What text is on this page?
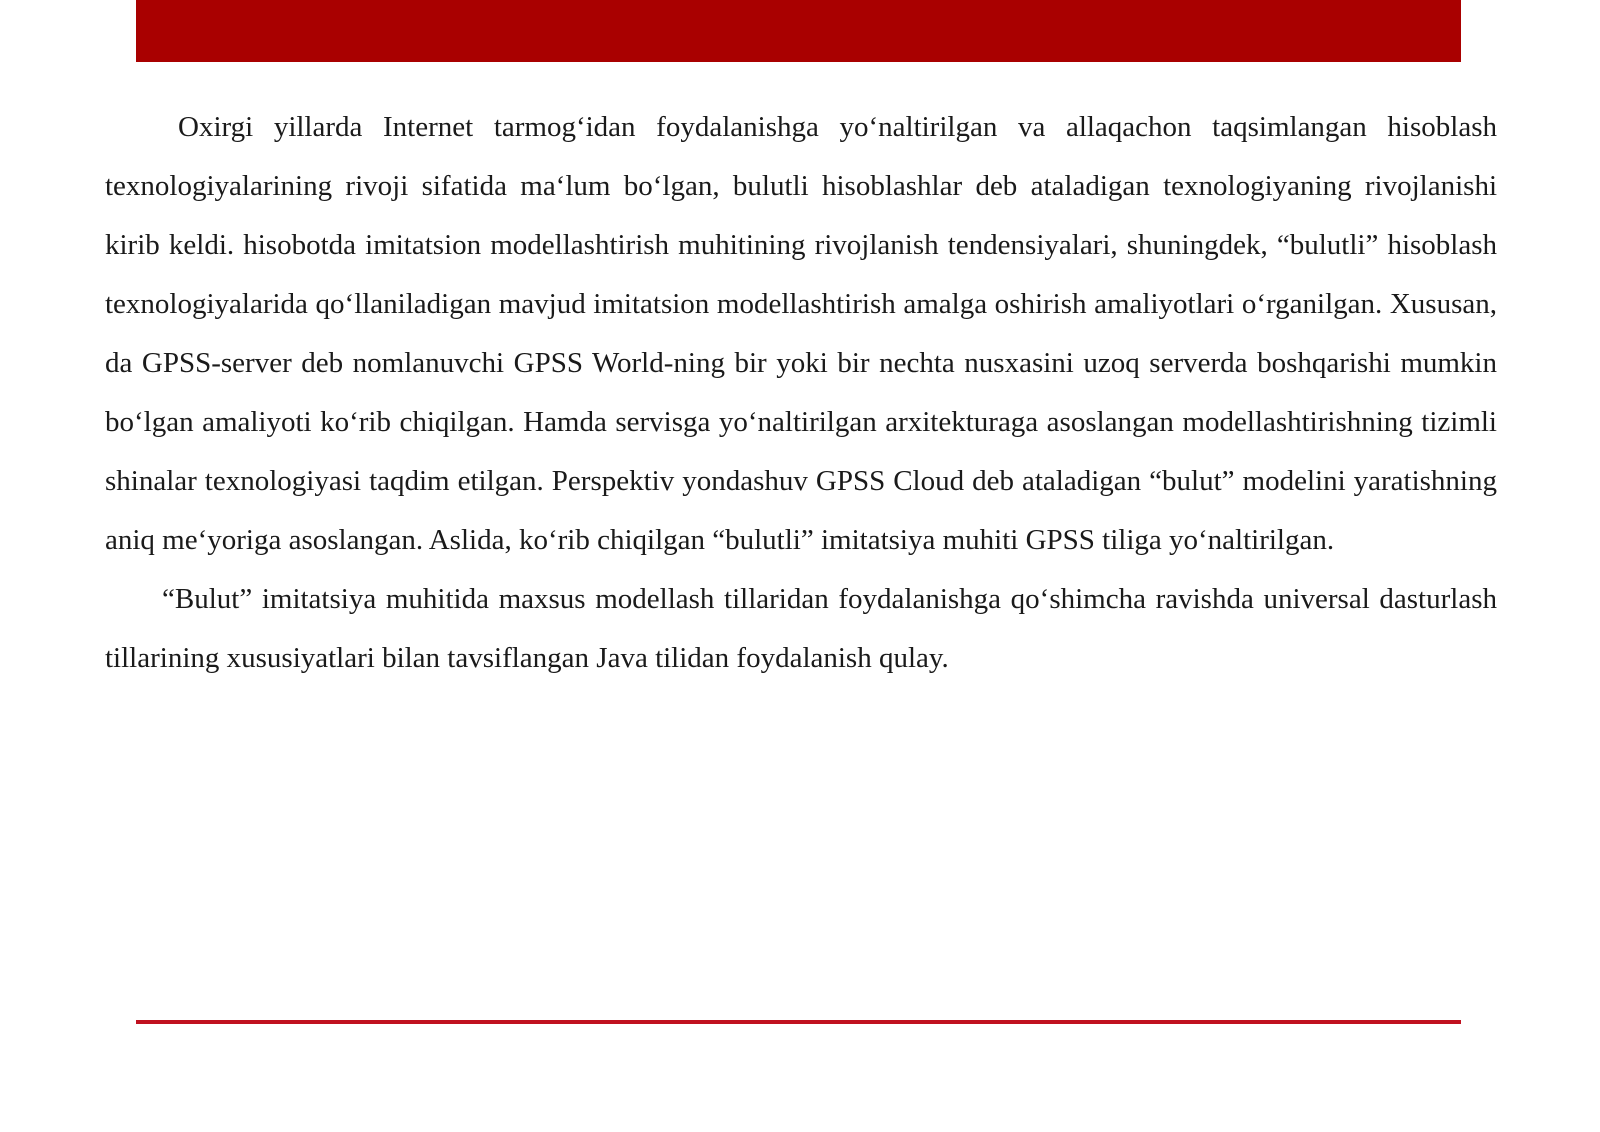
Oxirgi yillarda Internet tarmog‘idan foydalanishga yo‘naltirilgan va allaqachon taqsimlangan hisoblash texnologiyalarining rivoji sifatida ma‘lum bo‘lgan, bulutli hisoblashlar deb ataladigan texnologiyaning rivojlanishi kirib keldi. hisobotda imitatsion modellashtirish muhitining rivojlanish tendensiyalari, shuningdek, “bulutli” hisoblash texnologiyalarida qo‘llaniladigan mavjud imitatsion modellashtirish amalga oshirish amaliyotlari o‘rganilgan. Xususan, da GPSS-server deb nomlanuvchi GPSS World-ning bir yoki bir nechta nusxasini uzoq serverda boshqarishi mumkin bo‘lgan amaliyoti ko‘rib chiqilgan. Hamda servisga yo‘naltirilgan arxitekturaga asoslangan modellashtirishning tizimli shinalar texnologiyasi taqdim etilgan. Perspektiv yondashuv GPSS Cloud deb ataladigan “bulut” modelini yaratishning aniq me‘yoriga asoslangan. Aslida, ko‘rib chiqilgan “bulutli” imitatsiya muhiti GPSS tiliga yo‘naltirilgan.

“Bulut” imitatsiya muhitida maxsus modellash tillaridan foydalanishga qo‘shimcha ravishda universal dasturlash tillarining xususiyatlari bilan tavsiflangan Java tilidan foydalanish qulay.
